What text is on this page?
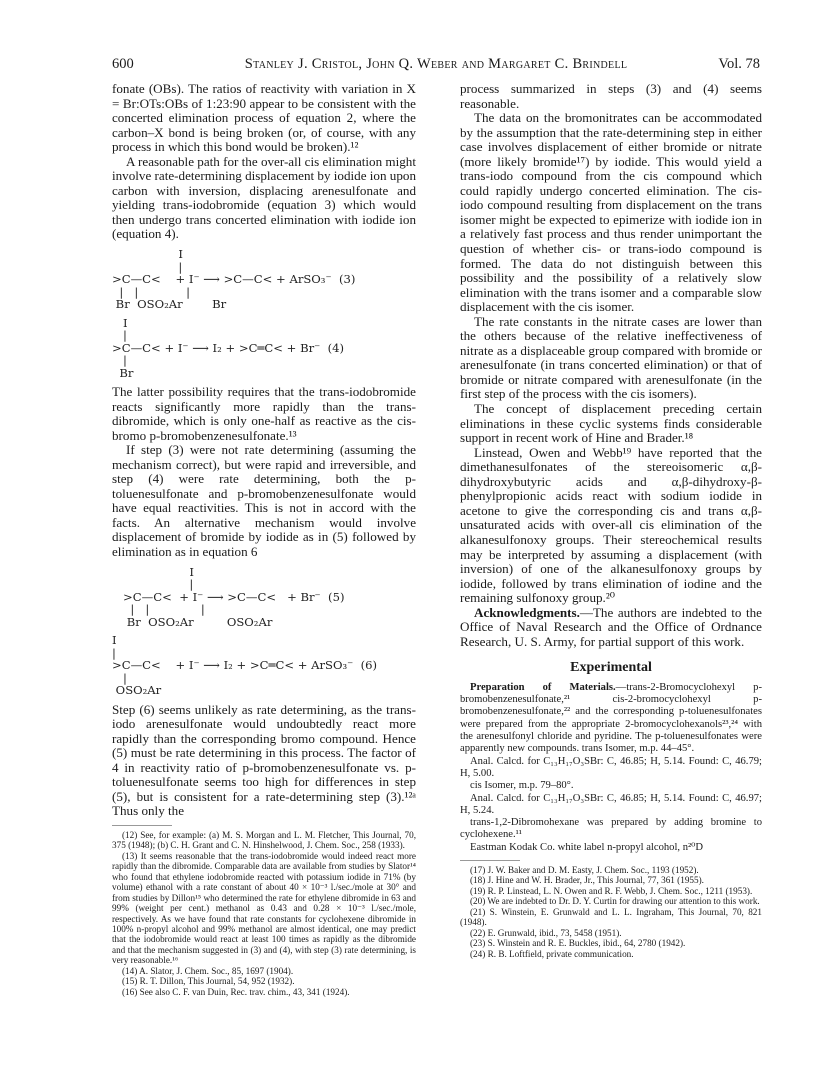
600	Stanley J. Cristol, John Q. Weber and Margaret C. Brindell	Vol. 78

fonate (OBs). The ratios of reactivity with variation in X = Br:OTs:OBs of 1:23:90 appear to be consistent with the concerted elimination process of equation 2, where the carbon–X bond is being broken (or, of course, with any process in which this bond would be broken).¹²

A reasonable path for the over-all cis elimination might involve rate-determining displacement by iodide ion upon carbon with inversion, displacing arenesulfonate and yielding trans-iodobromide (equation 3) which would then undergo trans concerted elimination with iodide ion (equation 4).

I
|
>C—C<    + I⁻ ⟶ >C—C< + ArSO₃⁻  (3)
|   |             |
Br  OSO₂Ar        Br
I
|
>C—C< + I⁻ ⟶ I₂ + >C═C< + Br⁻  (4)
|
Br

The latter possibility requires that the trans-iodobromide reacts significantly more rapidly than the trans-dibromide, which is only one-half as reactive as the cis-bromo p-bromobenzenesulfonate.¹³

If step (3) were not rate determining (assuming the mechanism correct), but were rapid and irreversible, and step (4) were rate determining, both the p-toluenesulfonate and p-bromobenzenesulfonate would have equal reactivities. This is not in accord with the facts. An alternative mechanism would involve displacement of bromide by iodide as in (5) followed by elimination as in equation 6

I
|
>C—C<  + I⁻ ⟶ >C—C<   + Br⁻  (5)
|   |              |
Br  OSO₂Ar         OSO₂Ar
I
|
>C—C<    + I⁻ ⟶ I₂ + >C═C< + ArSO₃⁻  (6)
|
OSO₂Ar

Step (6) seems unlikely as rate determining, as the trans-iodo arenesulfonate would undoubtedly react more rapidly than the corresponding bromo compound. Hence (5) must be rate determining in this process. The factor of 4 in reactivity ratio of p-bromobenzenesulfonate vs. p-toluenesulfonate seems too high for differences in step (5), but is consistent for a rate-determining step (3).¹²ᵃ Thus only the

(12) See, for example: (a) M. S. Morgan and L. M. Fletcher, This Journal, 70, 375 (1948); (b) C. H. Grant and C. N. Hinshelwood, J. Chem. Soc., 258 (1933).

(13) It seems reasonable that the trans-iodobromide would indeed react more rapidly than the dibromide. Comparable data are available from studies by Slator¹⁴ who found that ethylene iodobromide reacted with potassium iodide in 71% (by volume) ethanol with a rate constant of about 40 × 10⁻³ l./sec./mole at 30° and from studies by Dillon¹⁵ who determined the rate for ethylene dibromide in 63 and 99% (weight per cent.) methanol as 0.43 and 0.28 × 10⁻³ l./sec./mole, respectively. As we have found that rate constants for cyclohexene dibromide in 100% n-propyl alcohol and 99% methanol are almost identical, one may predict that the iodobromide would react at least 100 times as rapidly as the dibromide and that the mechanism suggested in (3) and (4), with step (3) rate determining, is very reasonable.¹⁶

(14) A. Slator, J. Chem. Soc., 85, 1697 (1904).

(15) R. T. Dillon, This Journal, 54, 952 (1932).

(16) See also C. F. van Duin, Rec. trav. chim., 43, 341 (1924).

process summarized in steps (3) and (4) seems reasonable.

The data on the bromonitrates can be accommodated by the assumption that the rate-determining step in either case involves displacement of either bromide or nitrate (more likely bromide¹⁷) by iodide. This would yield a trans-iodo compound from the cis compound which could rapidly undergo concerted elimination. The cis-iodo compound resulting from displacement on the trans isomer might be expected to epimerize with iodide ion in a relatively fast process and thus render unimportant the question of whether cis- or trans-iodo compound is formed. The data do not distinguish between this possibility and the possibility of a relatively slow elimination with the trans isomer and a comparable slow displacement with the cis isomer.

The rate constants in the nitrate cases are lower than the others because of the relative ineffectiveness of nitrate as a displaceable group compared with bromide or arenesulfonate (in trans concerted elimination) or that of bromide or nitrate compared with arenesulfonate (in the first step of the process with the cis isomers).

The concept of displacement preceding certain eliminations in these cyclic systems finds considerable support in recent work of Hine and Brader.¹⁸

Linstead, Owen and Webb¹⁹ have reported that the dimethanesulfonates of the stereoisomeric α,β-dihydroxybutyric acids and α,β-dihydroxy-β-phenylpropionic acids react with sodium iodide in acetone to give the corresponding cis and trans α,β-unsaturated acids with over-all cis elimination of the alkanesulfonoxy groups. Their stereochemical results may be interpreted by assuming a displacement (with inversion) of one of the alkanesulfonoxy groups by iodide, followed by trans elimination of iodine and the remaining sulfonoxy group.²⁰

Acknowledgments.—The authors are indebted to the Office of Naval Research and the Office of Ordnance Research, U. S. Army, for partial support of this work.

Experimental

Preparation of Materials.—trans-2-Bromocyclohexyl p-bromobenzenesulfonate,²¹ cis-2-bromocyclohexyl p-bromobenzenesulfonate,²² and the corresponding p-toluenesulfonates were prepared from the appropriate 2-bromocyclohexanols²³,²⁴ with the arenesulfonyl chloride and pyridine. The p-toluenesulfonates were apparently new compounds. trans Isomer, m.p. 44–45°.

Anal. Calcd. for C₁₃H₁₇O₃SBr: C, 46.85; H, 5.14. Found: C, 46.79; H, 5.00.

cis Isomer, m.p. 79–80°.

Anal. Calcd. for C₁₃H₁₇O₃SBr: C, 46.85; H, 5.14. Found: C, 46.97; H, 5.24.

trans-1,2-Dibromohexane was prepared by adding bromine to cyclohexene.¹¹

Eastman Kodak Co. white label n-propyl alcohol, n²⁰D

(17) J. W. Baker and D. M. Easty, J. Chem. Soc., 1193 (1952).

(18) J. Hine and W. H. Brader, Jr., This Journal, 77, 361 (1955).

(19) R. P. Linstead, L. N. Owen and R. F. Webb, J. Chem. Soc., 1211 (1953).

(20) We are indebted to Dr. D. Y. Curtin for drawing our attention to this work.

(21) S. Winstein, E. Grunwald and L. L. Ingraham, This Journal, 70, 821 (1948).

(22) E. Grunwald, ibid., 73, 5458 (1951).

(23) S. Winstein and R. E. Buckles, ibid., 64, 2780 (1942).

(24) R. B. Loftfield, private communication.
